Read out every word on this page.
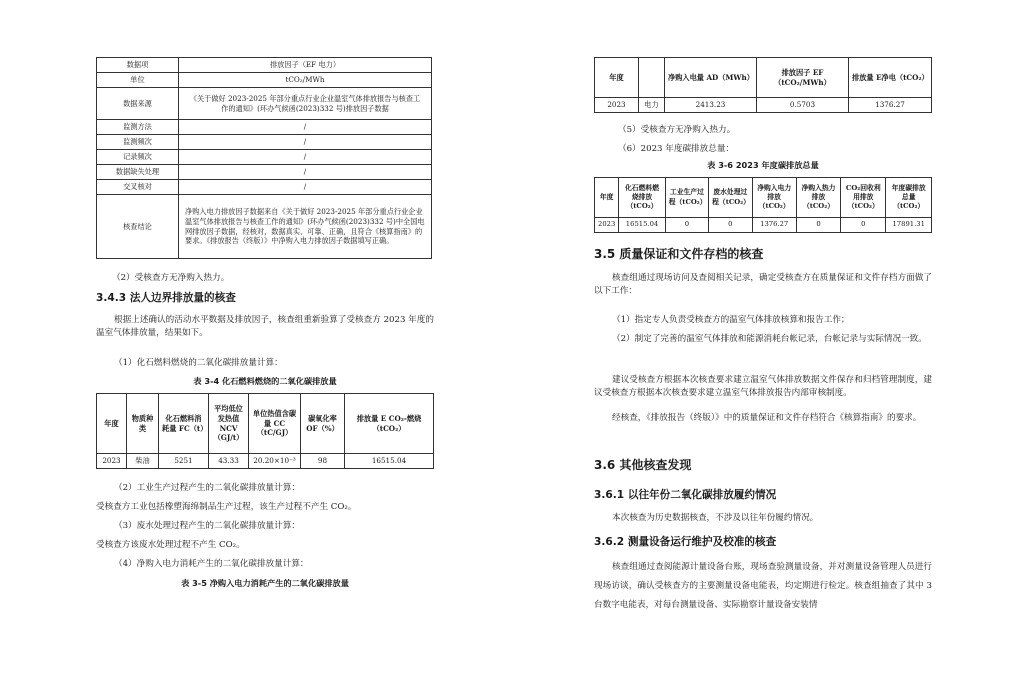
数据项	排放因子（EF 电力）
单位	tCO₂/MWh
数据来源	《关于做好 2023-2025 年部分重点行业企业温室气体排放报告与核查工作的通知》(环办气候函(2023)332 号)排放因子数据
监测方法	/
监测频次	/
记录频次	/
数据缺失处理	/
交叉核对	/
核查结论	净购入电力排放因子数据来自《关于做好 2023-2025 年部分重点行业企业温室气体排放报告与核查工作的通知》(环办气候函(2023)332 号)中全国电网排放因子数据，经核对，数据真实、可靠、正确，且符合《核算指南》的要求。《排放报告（终版）》中净购入电力排放因子数据填写正确。
（2）受核查方无净购入热力。
3.4.3 法人边界排放量的核查
根据上述确认的活动水平数据及排放因子，核查组重新验算了受核查方 2023 年度的温室气体排放量，结果如下。
（1）化石燃料燃烧的二氧化碳排放量计算：
表 3-4 化石燃料燃烧的二氧化碳排放量
年度	物质种类	化石燃料消耗量 FC（t）	平均低位发热值 NCV（GJ/t）	单位热值含碳量 CC（tC/GJ）	碳氧化率 OF（%）	排放量 E CO₂-燃烧（tCO₂）
2023	柴油	5251	43.33	20.20×10⁻³	98	16515.04
（2）工业生产过程产生的二氧化碳排放量计算：
受核查方工业包括橡塑海绵制品生产过程，该生产过程不产生 CO₂。
（3）废水处理过程产生的二氧化碳排放量计算：
受核查方该废水处理过程不产生 CO₂。
（4）净购入电力消耗产生的二氧化碳排放量计算：
表 3-5 净购入电力消耗产生的二氧化碳排放量
年度		净购入电量 AD（MWh）	排放因子 EF（tCO₂/MWh）	排放量 E净电（tCO₂）
2023	电力	2413.23	0.5703	1376.27
（5）受核查方无净购入热力。
（6）2023 年度碳排放总量：
表 3-6 2023 年度碳排放总量
年度	化石燃料燃烧排放（tCO₂）	工业生产过程（tCO₂）	废水处理过程（tCO₂）	净购入电力排放（tCO₂）	净购入热力排放（tCO₂）	CO₂回收利用排放（tCO₂）	年度碳排放总量（tCO₂）
2023	16515.04	0	0	1376.27	0	0	17891.31
3.5 质量保证和文件存档的核查
核查组通过现场访问及查阅相关记录，确定受核查方在质量保证和文件存档方面做了以下工作：
（1）指定专人负责受核查方的温室气体排放核算和报告工作；
（2）制定了完善的温室气体排放和能源消耗台帐记录，台帐记录与实际情况一致。
建议受核查方根据本次核查要求建立温室气体排放数据文件保存和归档管理制度，建议受核查方根据本次核查要求建立温室气体排放报告内部审核制度。
经核查，《排放报告（终版）》中的质量保证和文件存档符合《核算指南》的要求。
3.6 其他核查发现
3.6.1 以往年份二氧化碳排放履约情况
本次核查为历史数据核查，不涉及以往年份履约情况。
3.6.2 测量设备运行维护及校准的核查
核查组通过查阅能源计量设备台账，现场查验测量设备，并对测量设备管理人员进行现场访谈，确认受核查方的主要测量设备电能表，均定期进行检定。核查组抽查了其中 3 台数字电能表，对每台测量设备、实际勘察计量设备安装情
